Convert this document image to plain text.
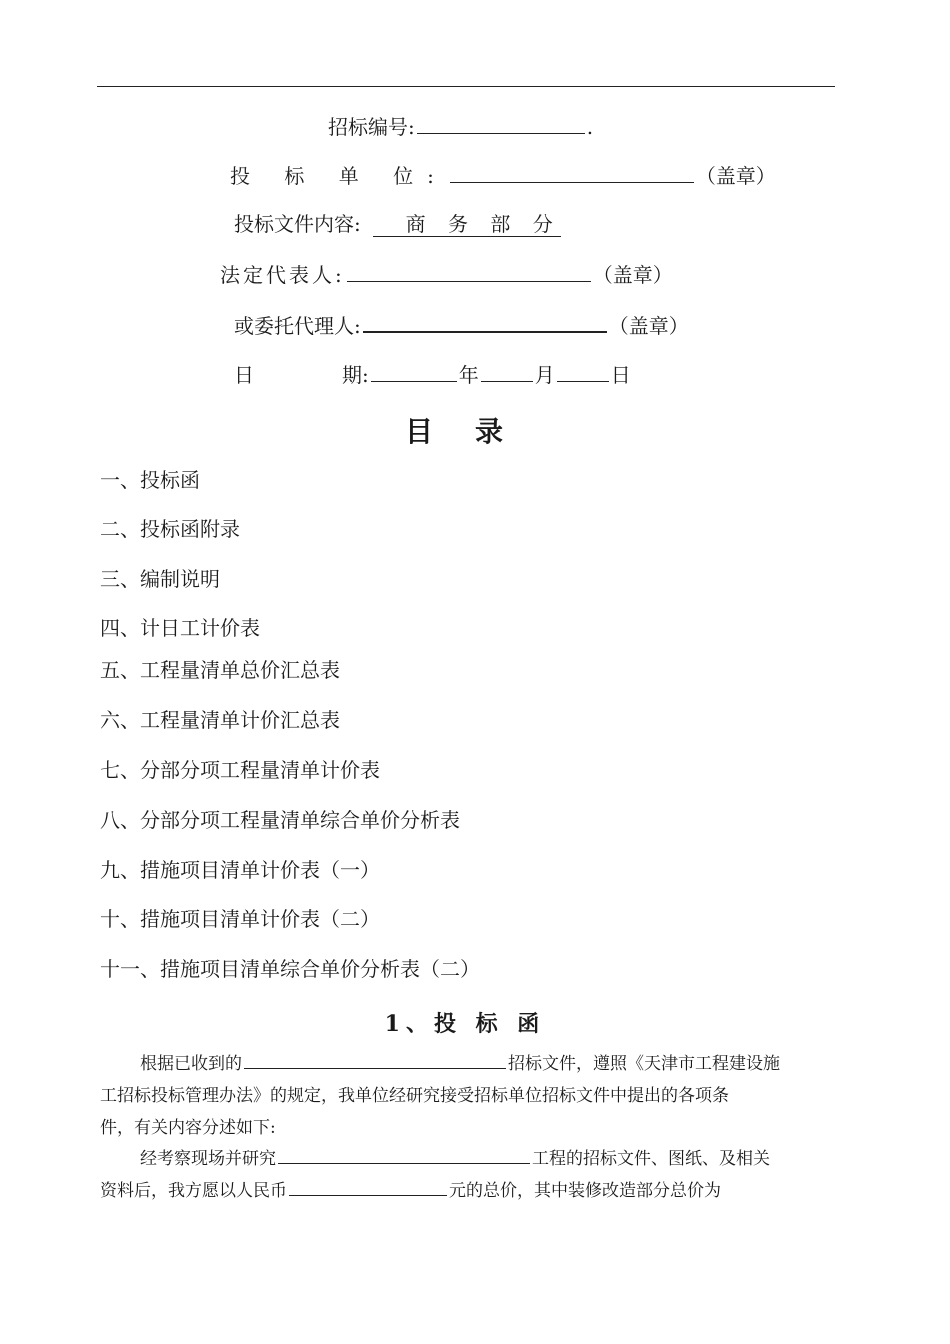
招标编号:	.
投 标 单 位:	（盖章）
投标文件内容: 商 务 部 分
法定代表人:	（盖章）
或委托代理人:	（盖章）
日	期:	年	月	日
目录
一、投标函
二、投标函附录
三、编制说明
四、计日工计价表
五、工程量清单总价汇总表
六、工程量清单计价汇总表
七、分部分项工程量清单计价表
八、分部分项工程量清单综合单价分析表
九、措施项目清单计价表（一）
十、措施项目清单计价表（二）
十一、措施项目清单综合单价分析表（二）
1、投 标 函
根据已收到的	招标文件，遵照《天津市工程建设施
工招标投标管理办法》的规定，我单位经研究接受招标单位招标文件中提出的各项条
件，有关内容分述如下:
经考察现场并研究	工程的招标文件、图纸、及相关
资料后，我方愿以人民币	元的总价，其中装修改造部分总价为
